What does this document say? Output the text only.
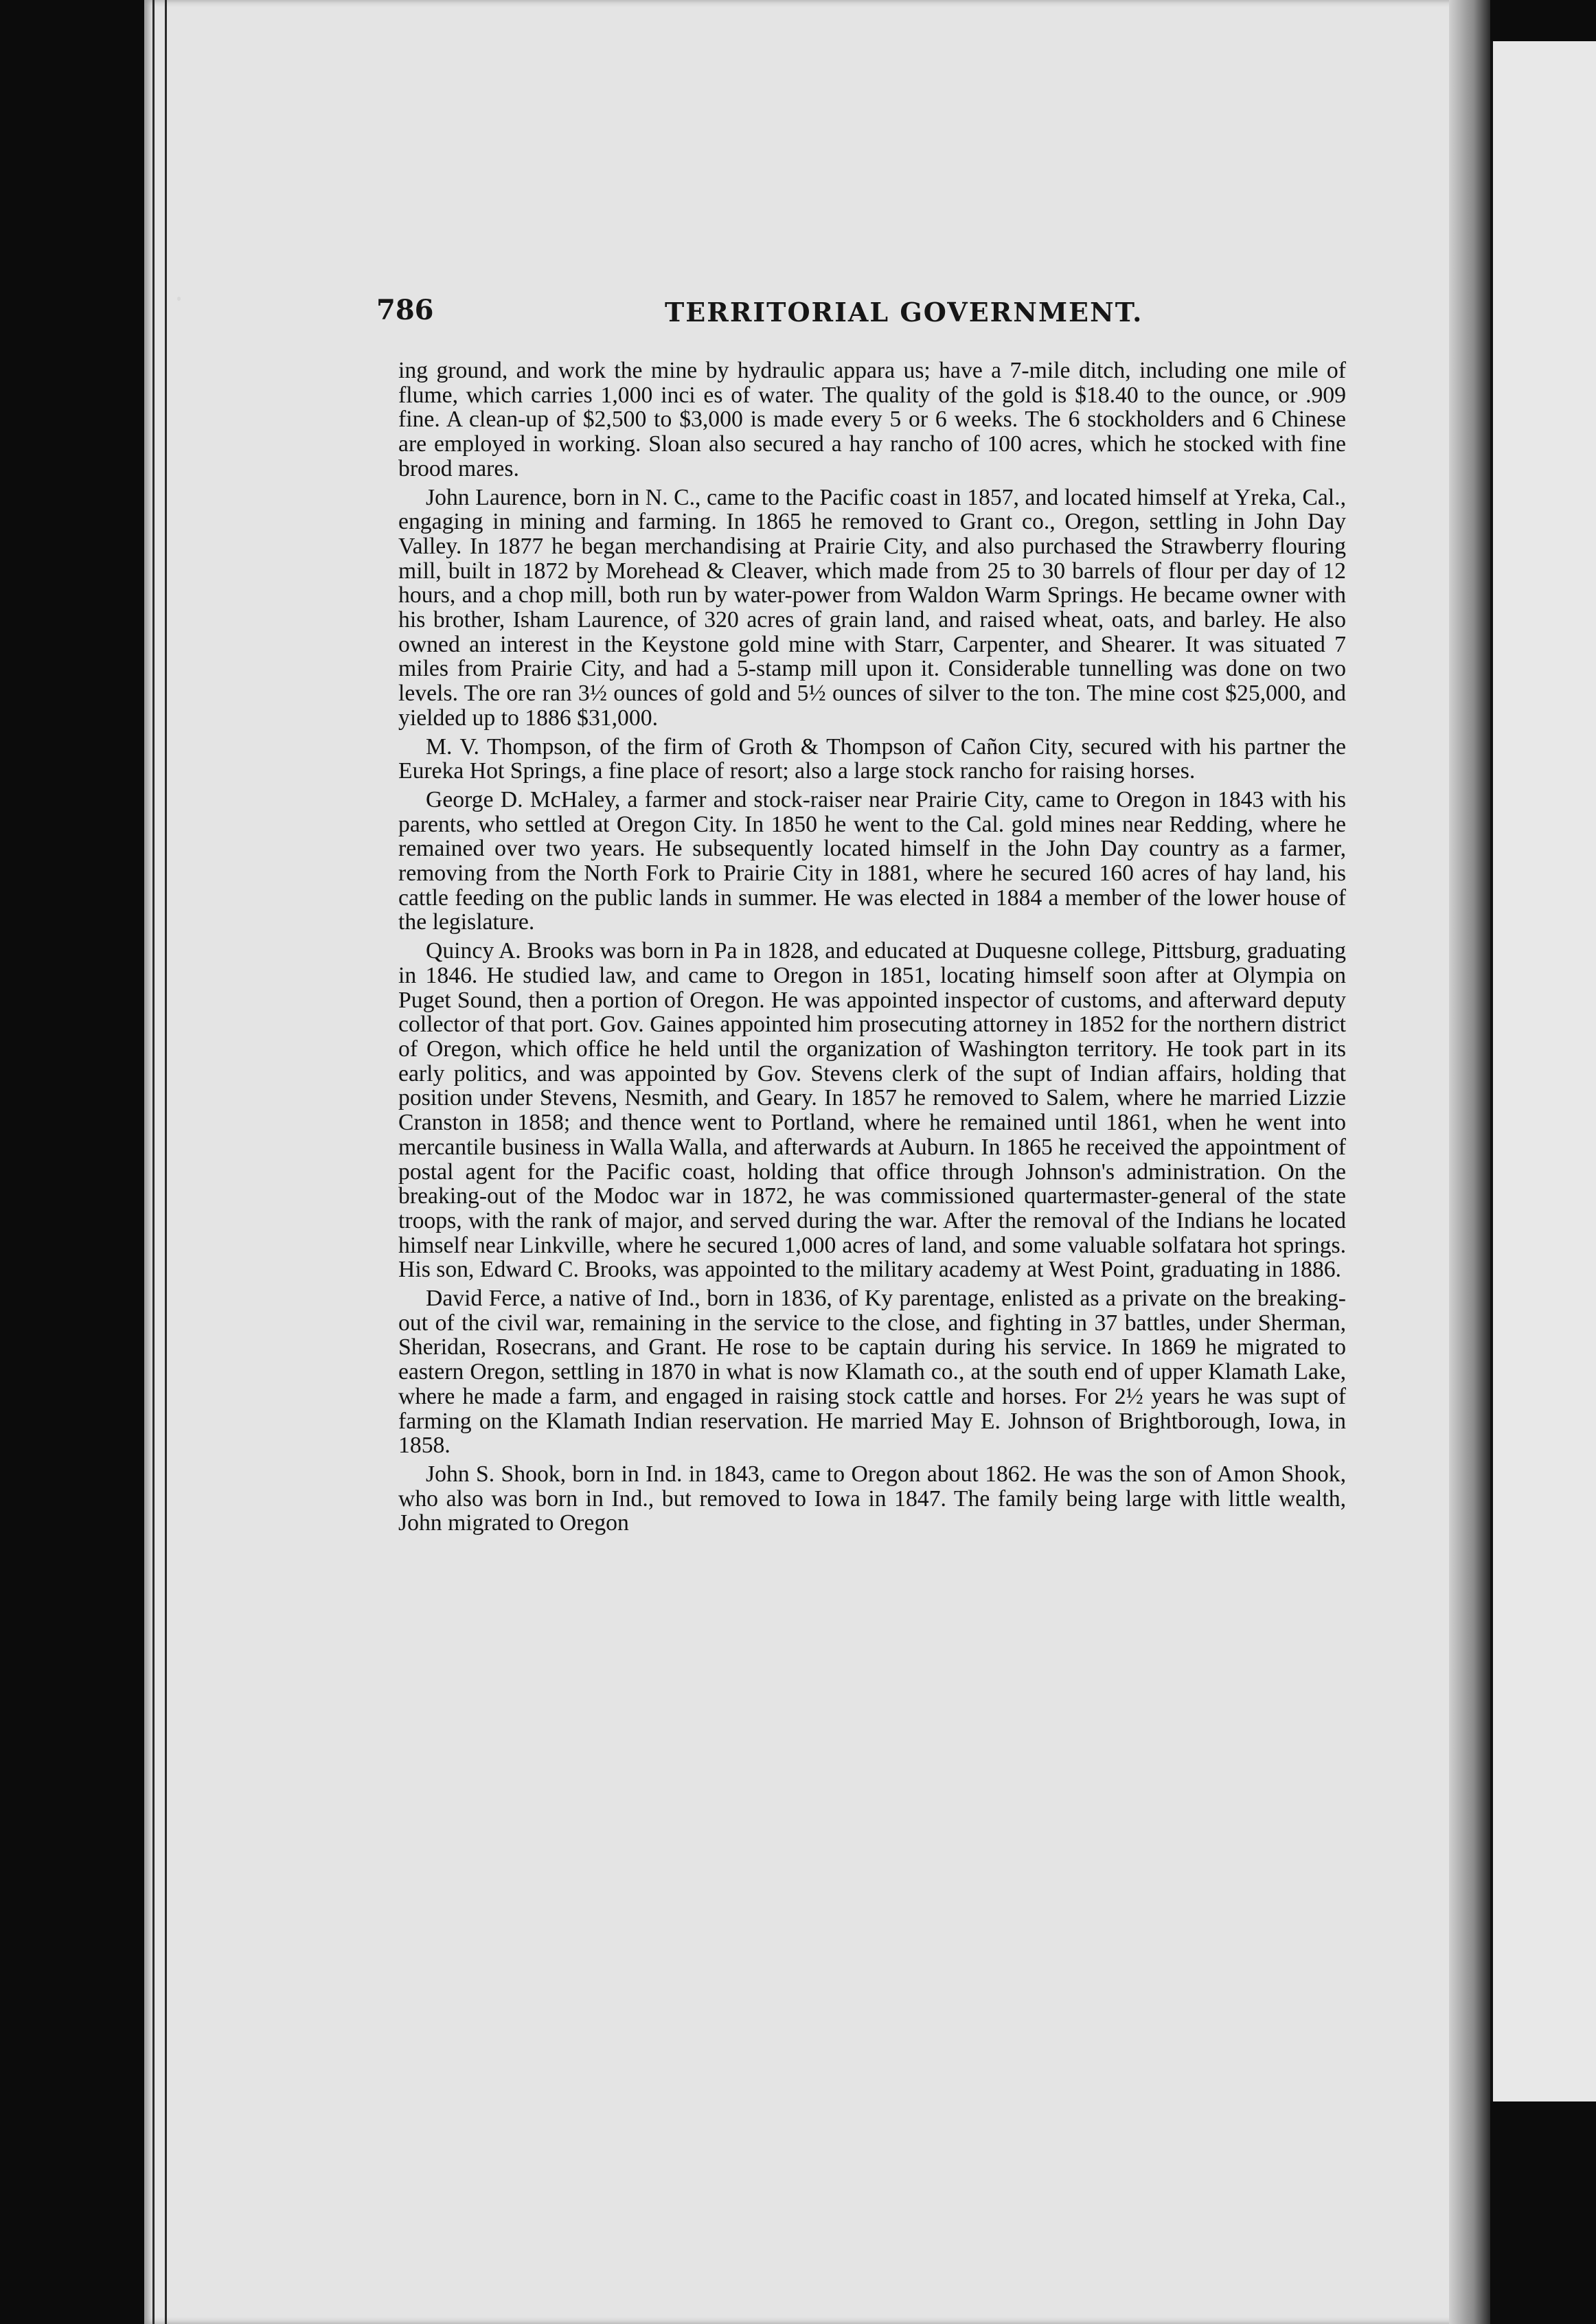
786	TERRITORIAL GOVERNMENT.

ing ground, and work the mine by hydraulic appara us; have a 7-mile ditch, including one mile of flume, which carries 1,000 inci es of water. The quality of the gold is $18.40 to the ounce, or .909 fine. A clean-up of $2,500 to $3,000 is made every 5 or 6 weeks. The 6 stockholders and 6 Chinese are employed in working. Sloan also secured a hay rancho of 100 acres, which he stocked with fine brood mares.

John Laurence, born in N. C., came to the Pacific coast in 1857, and located himself at Yreka, Cal., engaging in mining and farming. In 1865 he removed to Grant co., Oregon, settling in John Day Valley. In 1877 he began merchandising at Prairie City, and also purchased the Strawberry flouring mill, built in 1872 by Morehead & Cleaver, which made from 25 to 30 barrels of flour per day of 12 hours, and a chop mill, both run by water-power from Waldon Warm Springs. He became owner with his brother, Isham Laurence, of 320 acres of grain land, and raised wheat, oats, and barley. He also owned an interest in the Keystone gold mine with Starr, Carpenter, and Shearer. It was situated 7 miles from Prairie City, and had a 5-stamp mill upon it. Considerable tunnelling was done on two levels. The ore ran 3½ ounces of gold and 5½ ounces of silver to the ton. The mine cost $25,000, and yielded up to 1886 $31,000.

M. V. Thompson, of the firm of Groth & Thompson of Cañon City, secured with his partner the Eureka Hot Springs, a fine place of resort; also a large stock rancho for raising horses.

George D. McHaley, a farmer and stock-raiser near Prairie City, came to Oregon in 1843 with his parents, who settled at Oregon City. In 1850 he went to the Cal. gold mines near Redding, where he remained over two years. He subsequently located himself in the John Day country as a farmer, removing from the North Fork to Prairie City in 1881, where he secured 160 acres of hay land, his cattle feeding on the public lands in summer. He was elected in 1884 a member of the lower house of the legislature.

Quincy A. Brooks was born in Pa in 1828, and educated at Duquesne college, Pittsburg, graduating in 1846. He studied law, and came to Oregon in 1851, locating himself soon after at Olympia on Puget Sound, then a portion of Oregon. He was appointed inspector of customs, and afterward deputy collector of that port. Gov. Gaines appointed him prosecuting attorney in 1852 for the northern district of Oregon, which office he held until the organization of Washington territory. He took part in its early politics, and was appointed by Gov. Stevens clerk of the supt of Indian affairs, holding that position under Stevens, Nesmith, and Geary. In 1857 he removed to Salem, where he married Lizzie Cranston in 1858; and thence went to Portland, where he remained until 1861, when he went into mercantile business in Walla Walla, and afterwards at Auburn. In 1865 he received the appointment of postal agent for the Pacific coast, holding that office through Johnson's administration. On the breaking-out of the Modoc war in 1872, he was commissioned quartermaster-general of the state troops, with the rank of major, and served during the war. After the removal of the Indians he located himself near Linkville, where he secured 1,000 acres of land, and some valuable solfatara hot springs. His son, Edward C. Brooks, was appointed to the military academy at West Point, graduating in 1886.

David Ferce, a native of Ind., born in 1836, of Ky parentage, enlisted as a private on the breaking-out of the civil war, remaining in the service to the close, and fighting in 37 battles, under Sherman, Sheridan, Rosecrans, and Grant. He rose to be captain during his service. In 1869 he migrated to eastern Oregon, settling in 1870 in what is now Klamath co., at the south end of upper Klamath Lake, where he made a farm, and engaged in raising stock cattle and horses. For 2½ years he was supt of farming on the Klamath Indian reservation. He married May E. Johnson of Brightborough, Iowa, in 1858.

John S. Shook, born in Ind. in 1843, came to Oregon about 1862. He was the son of Amon Shook, who also was born in Ind., but removed to Iowa in 1847. The family being large with little wealth, John migrated to Oregon
